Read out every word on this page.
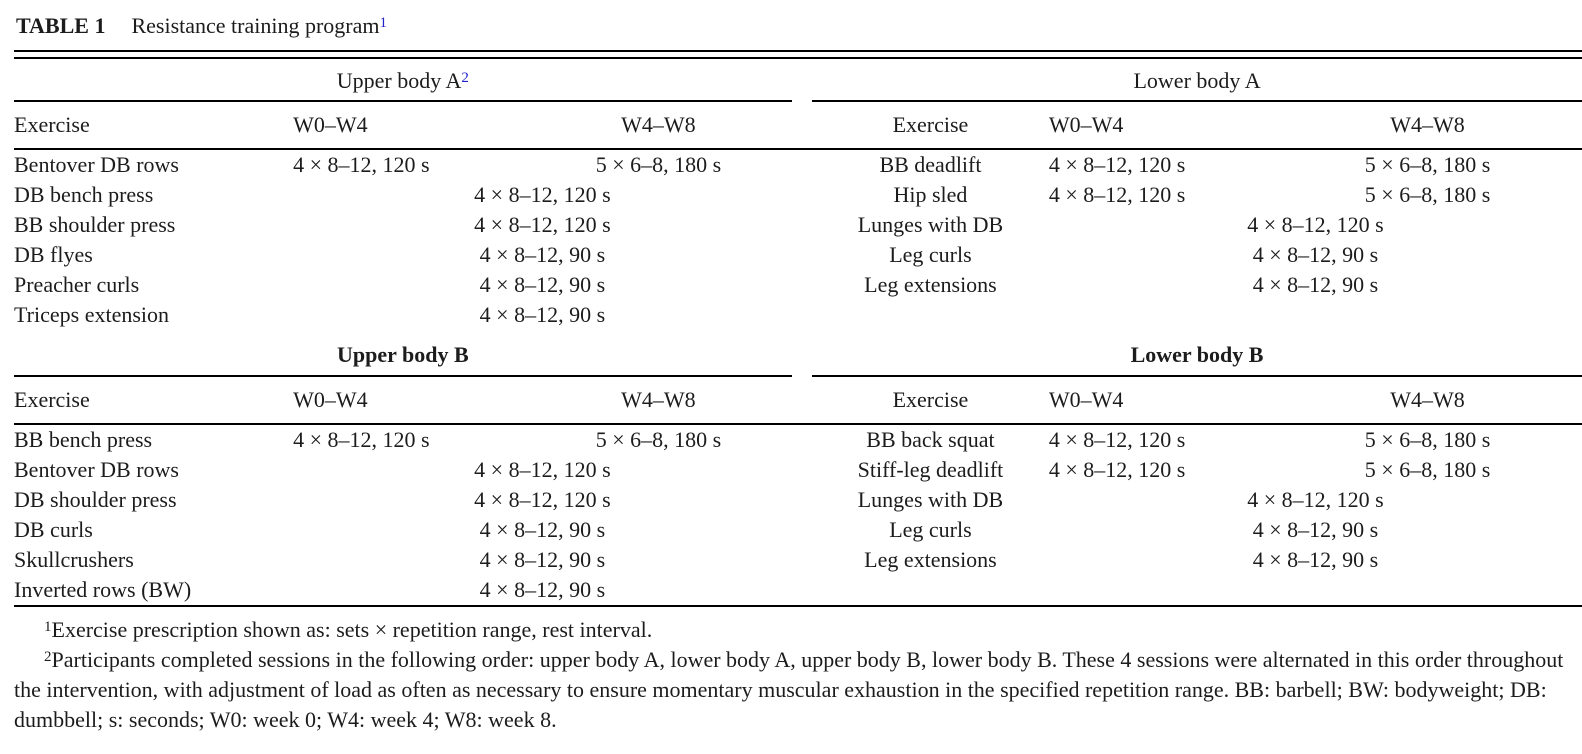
TABLE 1 Resistance training program$^1$
Upper body $A^2$				Lower body A		
Exercise	W0–W4	W4–W8		Exercise	W0–W4	W4–W8
Bentover DB rows	4 × 8–12, 120 s	5 × 6–8, 180 s		BB deadlift	4 × 8–12, 120 s	5 × 6–8, 180 s
DB bench press	4 × 8–12, 120 s			Hip sled	4 × 8–12, 120 s	5 × 6–8, 180 s
BB shoulder press	4 × 8–12, 120 s			Lunges with DB	4 × 8–12, 120 s	
DB flyes	4 × 8–12, 90 s			Leg curls	4 × 8–12, 90 s	
Preacher curls	4 × 8–12, 90 s			Leg extensions	4 × 8–12, 90 s	
Triceps extension	4 × 8–12, 90 s					
Upper body B				Lower body B		
Exercise	W0–W4	W4–W8		Exercise	W0–W4	W4–W8
BB bench press	4 × 8–12, 120 s	5 × 6–8, 180 s		BB back squat	4 × 8–12, 120 s	5 × 6–8, 180 s
Bentover DB rows	4 × 8–12, 120 s			Stiff-leg deadlift	4 × 8–12, 120 s	5 × 6–8, 180 s
DB shoulder press	4 × 8–12, 120 s			Lunges with DB	4 × 8–12, 120 s	
DB curls	4 × 8–12, 90 s			Leg curls	4 × 8–12, 90 s	
Skullcrushers	4 × 8–12, 90 s			Leg extensions	4 × 8–12, 90 s	
Inverted rows (BW)	4 × 8–12, 90 s					

$^1$Exercise prescription shown as: sets × repetition range, rest interval.

$^2$Participants completed sessions in the following order: upper body A, lower body A, upper body B, lower body B. These 4 sessions were alternated in this order throughout the intervention, with adjustment of load as often as necessary to ensure momentary muscular exhaustion in the specified repetition range. BB: barbell; BW: bodyweight; DB: dumbbell; s: seconds; W0: week 0; W4: week 4; W8: week 8.
